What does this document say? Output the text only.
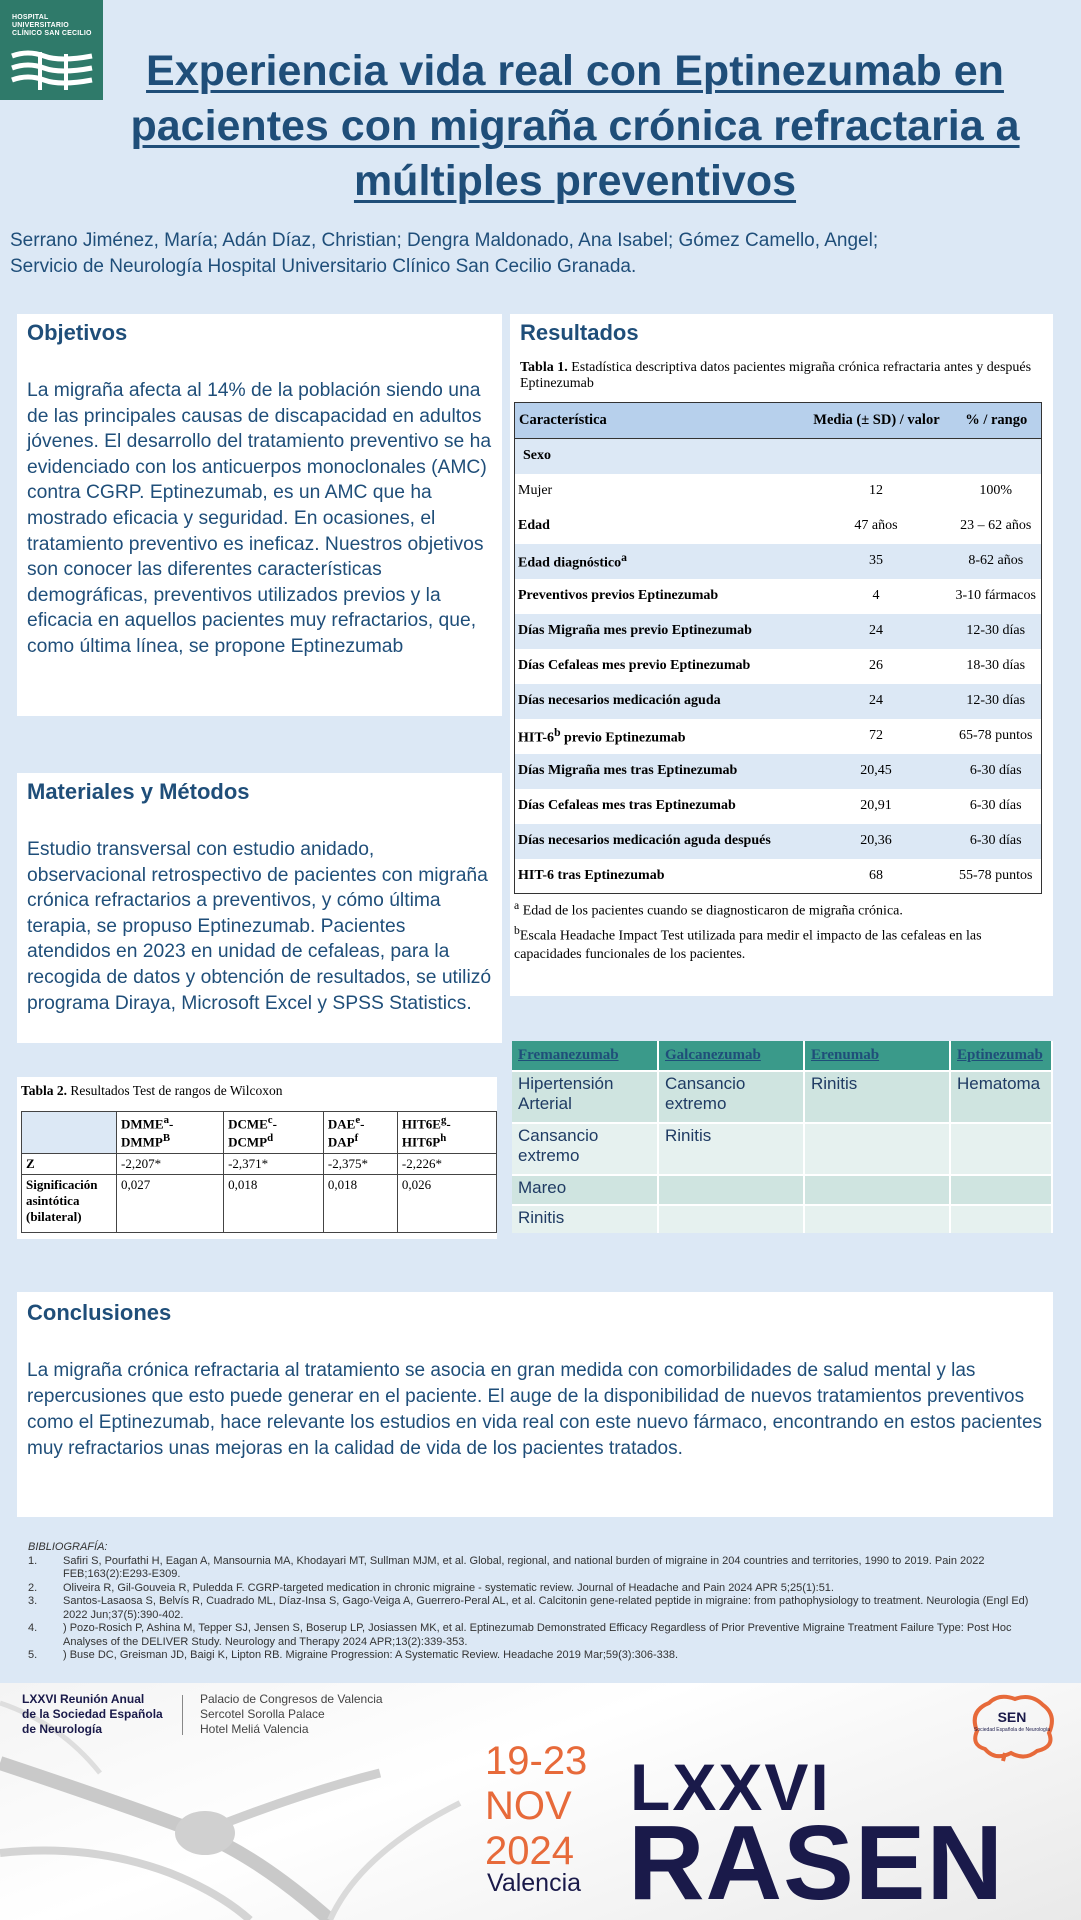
HOSPITAL
UNIVERSITARIO
CLÍNICO SAN CECILIO
Experiencia vida real con Eptinezumab en
pacientes con migraña crónica refractaria a
múltiples preventivos
Serrano Jiménez, María; Adán Díaz, Christian; Dengra Maldonado, Ana Isabel; Gómez Camello, Angel;
Servicio de Neurología Hospital Universitario Clínico San Cecilio Granada.
Objetivos

La migraña afecta al 14% de la población siendo una de las principales causas de discapacidad en adultos jóvenes. El desarrollo del tratamiento preventivo se ha evidenciado con los anticuerpos monoclonales (AMC) contra CGRP. Eptinezumab, es un AMC que ha mostrado eficacia y seguridad. En ocasiones, el tratamiento preventivo es ineficaz. Nuestros objetivos son conocer las diferentes características demográficas, preventivos utilizados previos y la eficacia en aquellos pacientes muy refractarios, que, como última línea, se propone Eptinezumab

Materiales y Métodos

Estudio transversal con estudio anidado, observacional retrospectivo de pacientes con migraña crónica refractarios a preventivos, y cómo última terapia, se propuso Eptinezumab. Pacientes atendidos en 2023 en unidad de cefaleas, para la recogida de datos y obtención de resultados, se utilizó programa Diraya, Microsoft Excel y SPSS Statistics.

Resultados
Tabla 1. Estadística descriptiva datos pacientes migraña crónica refractaria antes y después Eptinezumab
Característica	Media (± SD) / valor	% / rango
Sexo		
Mujer	12	100%
Edad	47 años	23 – 62 años
Edad diagnóstico$^a$	35	8-62 años
Preventivos previos Eptinezumab	4	3-10 fármacos
Días Migraña mes previo Eptinezumab	24	12-30 días
Días Cefaleas mes previo Eptinezumab	26	18-30 días
Días necesarios medicación aguda	24	12-30 días
HIT-6$^b$ previo Eptinezumab	72	65-78 puntos
Días Migraña mes tras Eptinezumab	20,45	6-30 días
Días Cefaleas mes tras Eptinezumab	20,91	6-30 días
Días necesarios medicación aguda después	20,36	6-30 días
HIT-6 tras Eptinezumab	68	55-78 puntos
$^a$ Edad de los pacientes cuando se diagnosticaron de migraña crónica.
$^b$Escala Headache Impact Test utilizada para medir el impacto de las cefaleas en las capacidades funcionales de los pacientes.
Tabla 2. Resultados Test de rangos de Wilcoxon
	$DMME^a-DMMP^B$	DCME$^c$-DCMP$^d$	DAE$^e$-DAP$^f$	$HIT6E^g-HIT6P^h$
Z	-2,207*	-2,371*	-2,375*	-2,226*
Significación asintótica (bilateral)	0,027	0,018	0,018	0,026
Fremanezumab	Galcanezumab	Erenumab	Eptinezumab
Hipertensión Arterial	Cansancio extremo	Rinitis	Hematoma
Cansancio extremo	Rinitis		
Mareo			
Rinitis			
Conclusiones

La migraña crónica refractaria al tratamiento se asocia en gran medida con comorbilidades de salud mental y las repercusiones que esto puede generar en el paciente. El auge de la disponibilidad de nuevos tratamientos preventivos como el Eptinezumab, hace relevante los estudios en vida real con este nuevo fármaco, encontrando en estos pacientes muy refractarios unas mejoras en la calidad de vida de los pacientes tratados.

BIBLIOGRAFÍA:
1. Safiri S, Pourfathi H, Eagan A, Mansournia MA, Khodayari MT, Sullman MJM, et al. Global, regional, and national burden of migraine in 204 countries and territories, 1990 to 2019. Pain 2022 FEB;163(2):E293-E309.
2. Oliveira R, Gil-Gouveia R, Puledda F. CGRP-targeted medication in chronic migraine - systematic review. Journal of Headache and Pain 2024 APR 5;25(1):51.
3. Santos-Lasaosa S, Belvís R, Cuadrado ML, Díaz-Insa S, Gago-Veiga A, Guerrero-Peral AL, et al. Calcitonin gene-related peptide in migraine: from pathophysiology to treatment. Neurologia (Engl Ed) 2022 Jun;37(5):390-402.
4. ) Pozo-Rosich P, Ashina M, Tepper SJ, Jensen S, Boserup LP, Josiassen MK, et al. Eptinezumab Demonstrated Efficacy Regardless of Prior Preventive Migraine Treatment Failure Type: Post Hoc Analyses of the DELIVER Study. Neurology and Therapy 2024 APR;13(2):339-353.
5. ) Buse DC, Greisman JD, Baigi K, Lipton RB. Migraine Progression: A Systematic Review. Headache 2019 Mar;59(3):306-338.
LXXVI Reunión Anual
de la Sociedad Española
de Neurología
Palacio de Congresos de Valencia
Sercotel Sorolla Palace
Hotel Meliá Valencia
19-23
NOV
2024
Valencia
LXXVI
RASEN
SEN
Sociedad Española de Neurología
